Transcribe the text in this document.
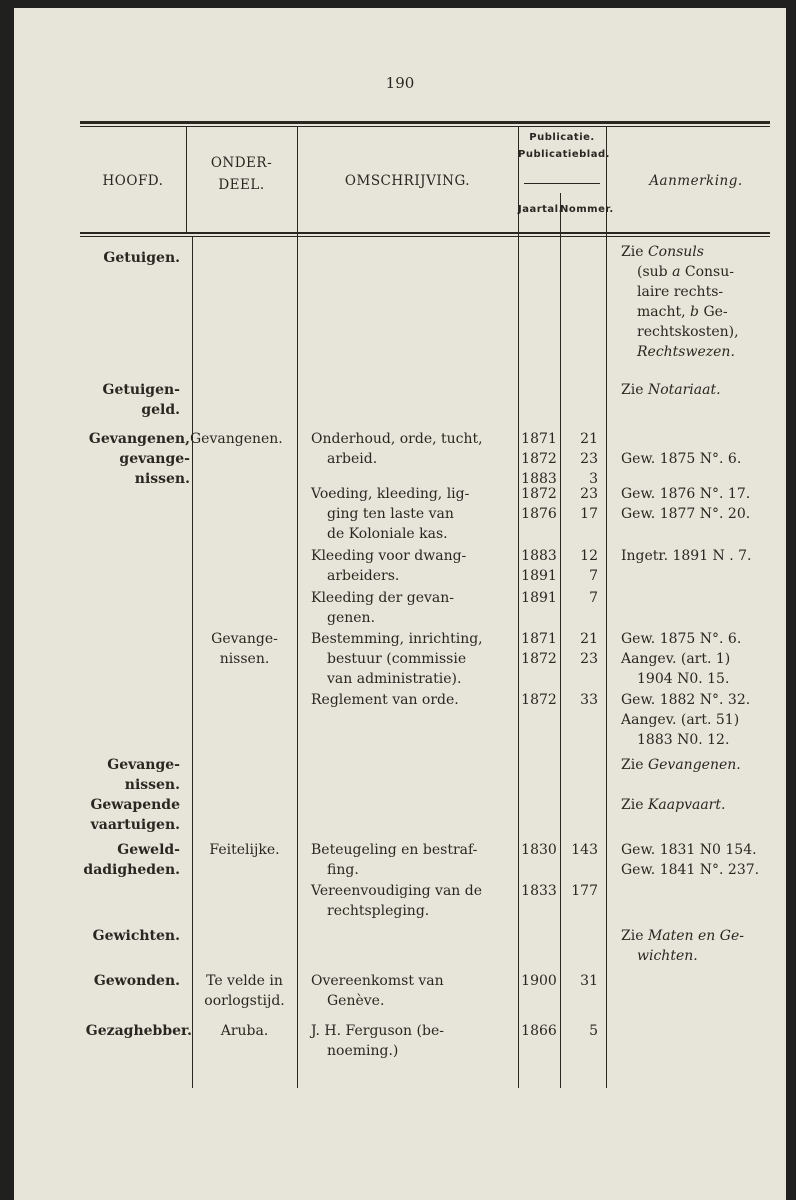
190
HOOFD.
ONDER-
DEEL.	OMSCHRIJVING.
Publicatie.
Publicatieblad.
Jaartal.
Nommer.
Aanmerking.
Getuigen.
Getuigen-
geld.
Gevangenen,
gevange-
nissen.
Gevange-
nissen.
Gewapende
vaartuigen.
Geweld-
dadigheden.
Gewichten.
Gewonden.
Gezaghebber.
Gevangenen.
Gevange-
nissen.
Feitelijke.
Te velde in
oorlogstijd.
Aruba.
Onderhoud, orde, tucht,
arbeid.
Voeding, kleeding, lig-
ging ten laste van
de Koloniale kas.
Kleeding voor dwang-
arbeiders.
Kleeding der gevan-
genen.
Bestemming, inrichting,
bestuur (commissie
van administratie).
Reglement van orde.
Beteugeling en bestraf-
fing.
Vereenvoudiging van de
rechtspleging.
Overeenkomst van
Genève.
J. H. Ferguson (be-
noeming.)
1871
1872
1883
1872
1876
1883
1891
1891
1871
1872
1872
1830
1833
1900
1866
21
23
3
23
17
12
7
7
21
23
33
143
177
31
5
Zie Consuls
(sub a Consu-
laire rechts-
macht, b Ge-
rechtskosten),
Rechtswezen.
Zie Notariaat.
Gew. 1875 N°. 6.
Gew. 1876 N°. 17.
Gew. 1877 N°. 20.
Ingetr. 1891 N . 7.
Gew. 1875 N°. 6.
Aangev. (art. 1)
1904 N0. 15.
Gew. 1882 N°. 32.
Aangev. (art. 51)
1883 N0. 12.
Zie Gevangenen.
Zie Kaapvaart.
Gew. 1831 N0 154.
Gew. 1841 N°. 237.
Zie Maten en Ge-
wichten.
